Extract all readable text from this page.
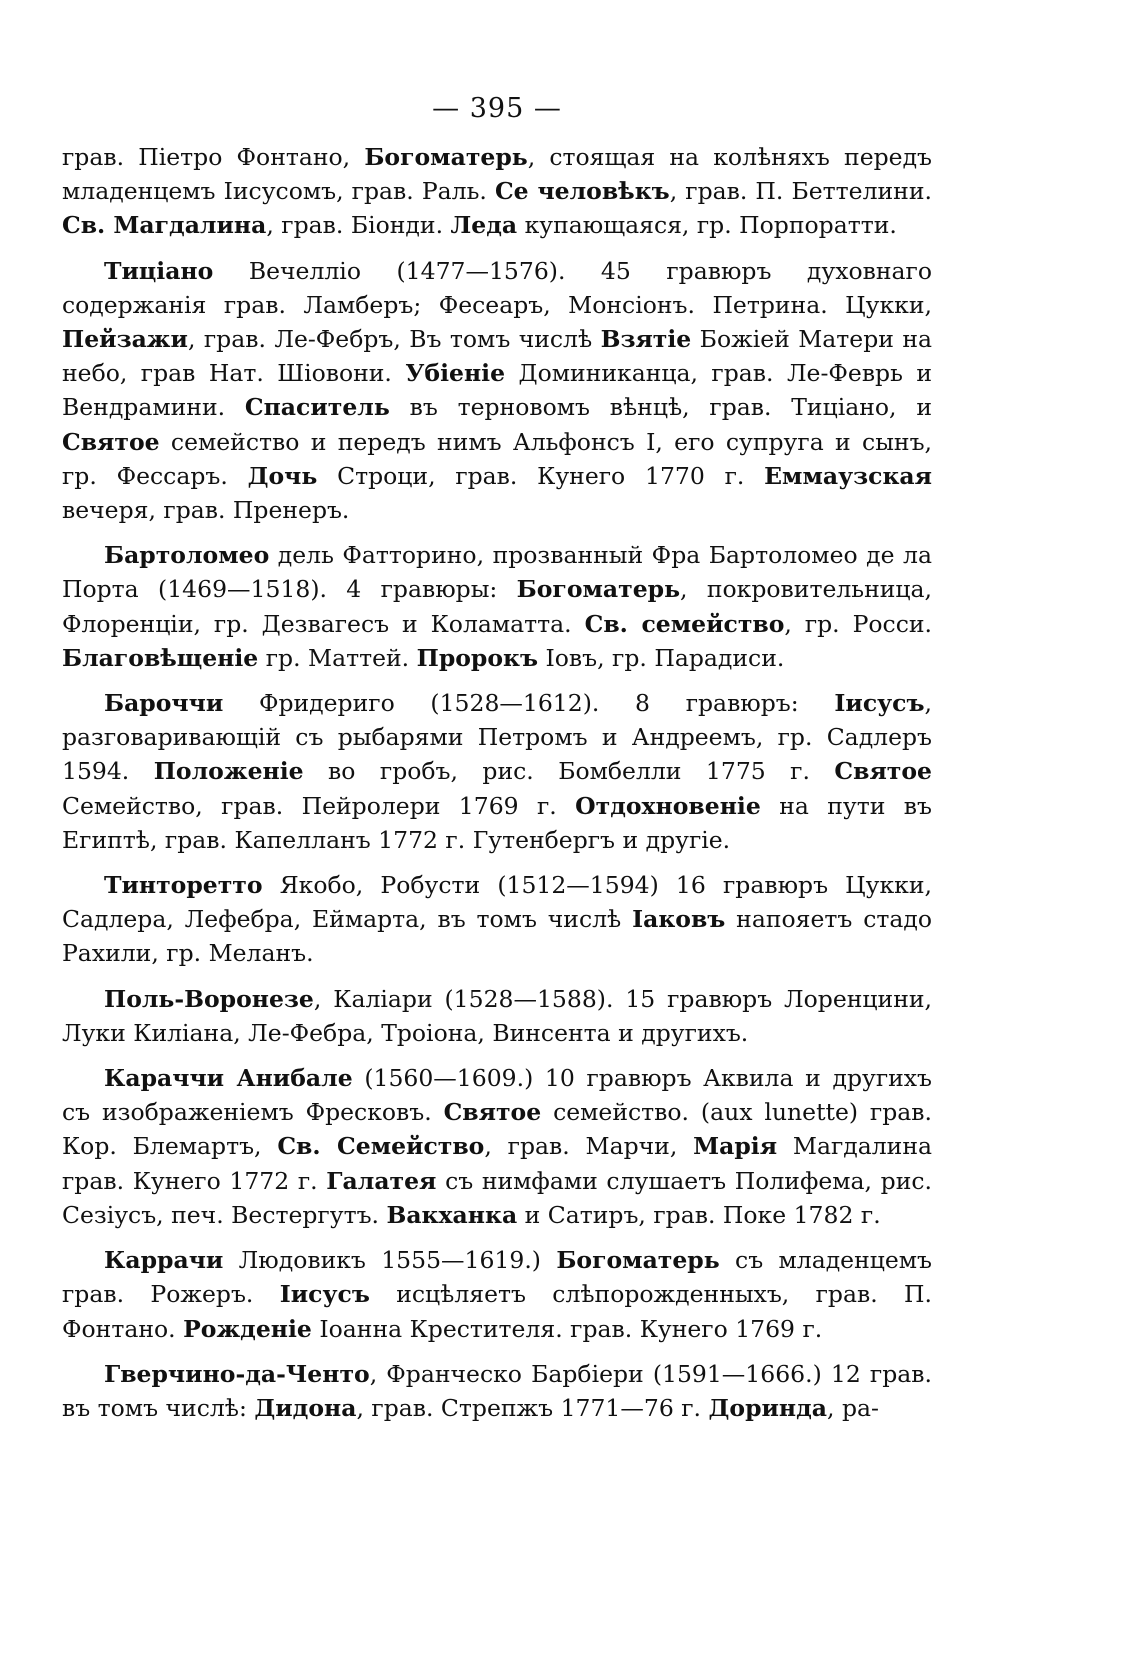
— 395 —

грав. Піетро Фонтано, Богоматерь, стоящая на колѣняхъ передъ младенцемъ Іисусомъ, грав. Раль. Се человѣкъ, грав. П. Беттелини. Св. Магдалина, грав. Біонди. Леда купающаяся, гр. Порпоратти.

Тиціано Вечелліо (1477—1576). 45 гравюръ духовнаго содержанія грав. Ламберъ; Фесеаръ, Монсіонъ. Петрина. Цукки, Пейзажи, грав. Ле-Фебръ, Въ томъ числѣ Взятіе Божіей Матери на небо, грав Нат. Шіовони. Убіеніе Доминиканца, грав. Ле-Феврь и Вендрамини. Спаситель въ терновомъ вѣнцѣ, грав. Тиціано, и Святое семейство и передъ нимъ Альфонсъ I, его супруга и сынъ, гр. Фессаръ. Дочь Строци, грав. Кунего 1770 г. Еммаузская вечеря, грав. Пренеръ.

Бартоломео дель Фатторино, прозванный Фра Бартоломео де ла Порта (1469—1518). 4 гравюры: Богоматерь, покровительница, Флоренціи, гр. Дезвагесъ и Коламатта. Св. семейство, гр. Росси. Благовѣщеніе гр. Маттей. Пророкъ Іовъ, гр. Парадиси.

Бароччи Фридериго (1528—1612). 8 гравюръ: Іисусъ, разговаривающій съ рыбарями Петромъ и Андреемъ, гр. Садлеръ 1594. Положеніе во гробъ, рис. Бомбелли 1775 г. Святое Семейство, грав. Пейролери 1769 г. Отдохновеніе на пути въ Египтѣ, грав. Капелланъ 1772 г. Гутенбергъ и другіе.

Тинторетто Якобо, Робусти (1512—1594) 16 гравюръ Цукки, Садлера, Лефебра, Еймарта, въ томъ числѣ Іаковъ напояетъ стадо Рахили, гр. Меланъ.

Поль-Воронезе, Каліари (1528—1588). 15 гравюръ Лоренцини, Луки Киліана, Ле-Фебра, Троіона, Винсента и другихъ.

Караччи Анибале (1560—1609.) 10 гравюръ Аквила и другихъ съ изображеніемъ Фресковъ. Святое семейство. (aux lunette) грав. Кор. Блемартъ, Св. Семейство, грав. Марчи, Марія Магдалина грав. Кунего 1772 г. Галатея съ нимфами слушаетъ Полифема, рис. Сезіусъ, печ. Вестергутъ. Вакханка и Сатиръ, грав. Поке 1782 г.

Каррачи Людовикъ 1555—1619.) Богоматерь съ младенцемъ грав. Рожеръ. Іисусъ исцѣляетъ слѣпорожденныхъ, грав. П. Фонтано. Рожденіе Іоанна Крестителя. грав. Кунего 1769 г.

Гверчино-да-Ченто, Франческо Барбіери (1591—1666.) 12 грав. въ томъ числѣ: Дидона, грав. Стрепжъ 1771—76 г. Доринда, ра-
